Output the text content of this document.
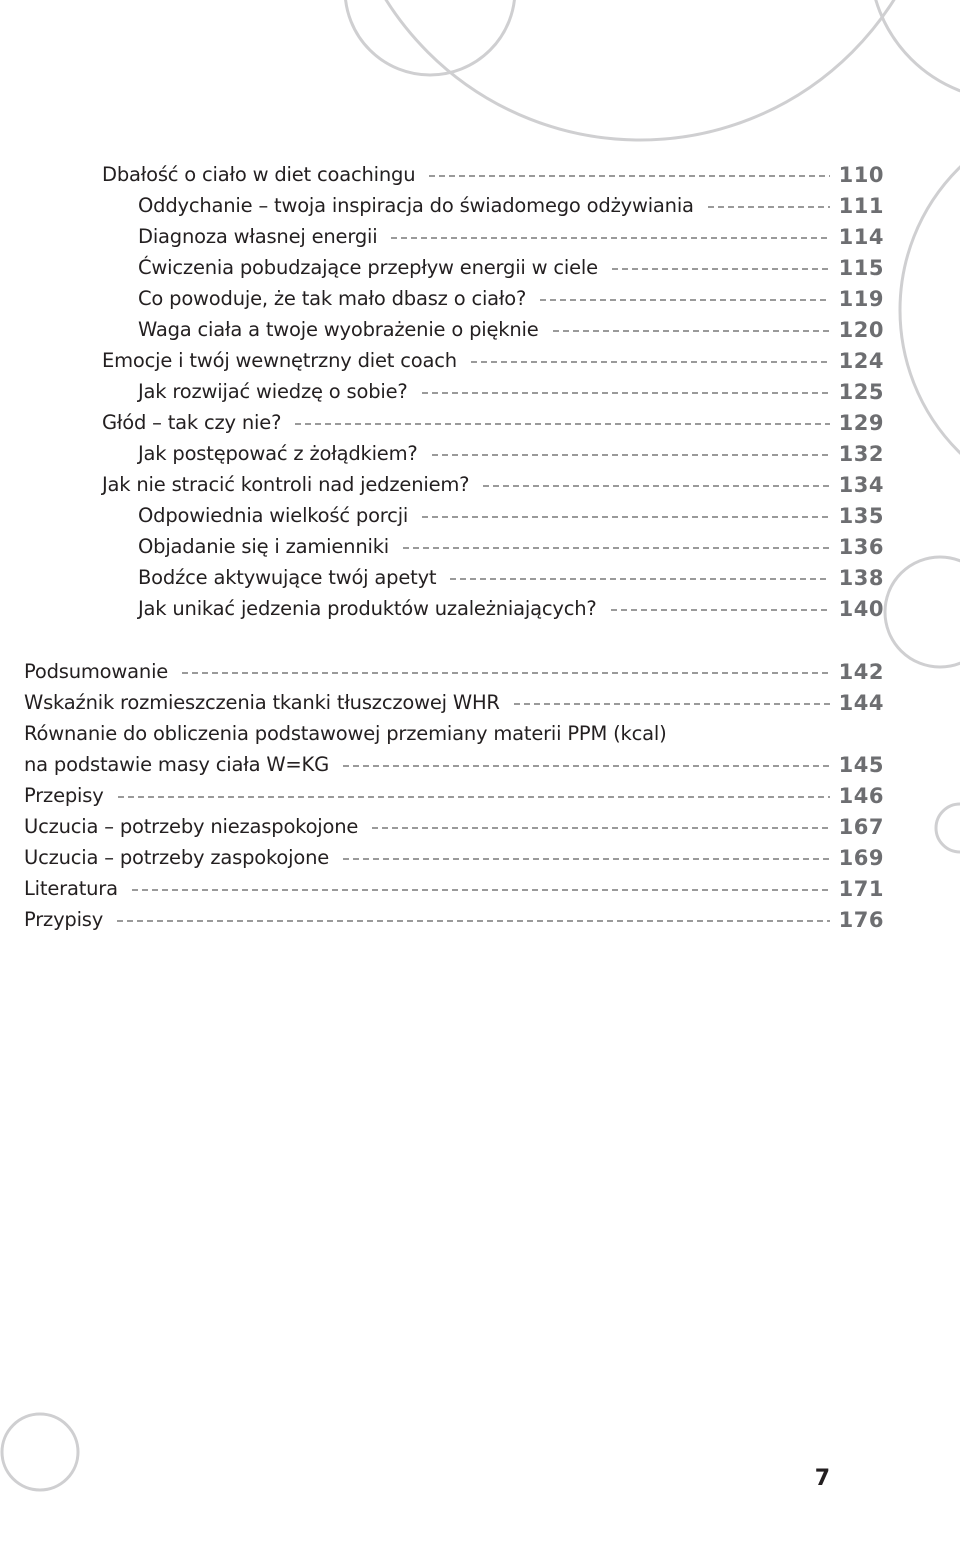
Dbałość o ciało w diet coachingu	110
Oddychanie – twoja inspiracja do świadomego odżywiania	111
Diagnoza własnej energii	114
Ćwiczenia pobudzające przepływ energii w ciele	115
Co powoduje, że tak mało dbasz o ciało?	119
Waga ciała a twoje wyobrażenie o pięknie	120
Emocje i twój wewnętrzny diet coach	124
Jak rozwijać wiedzę o sobie?	125
Głód – tak czy nie?	129
Jak postępować z żołądkiem?	132
Jak nie stracić kontroli nad jedzeniem?	134
Odpowiednia wielkość porcji	135
Objadanie się i zamienniki	136
Bodźce aktywujące twój apetyt	138
Jak unikać jedzenia produktów uzależniających?	140
Podsumowanie	142
Wskaźnik rozmieszczenia tkanki tłuszczowej WHR	144
Równanie do obliczenia podstawowej przemiany materii PPM (kcal)
na podstawie masy ciała W=KG	145
Przepisy	146
Uczucia – potrzeby niezaspokojone	167
Uczucia – potrzeby zaspokojone	169
Literatura	171
Przypisy	176
7
